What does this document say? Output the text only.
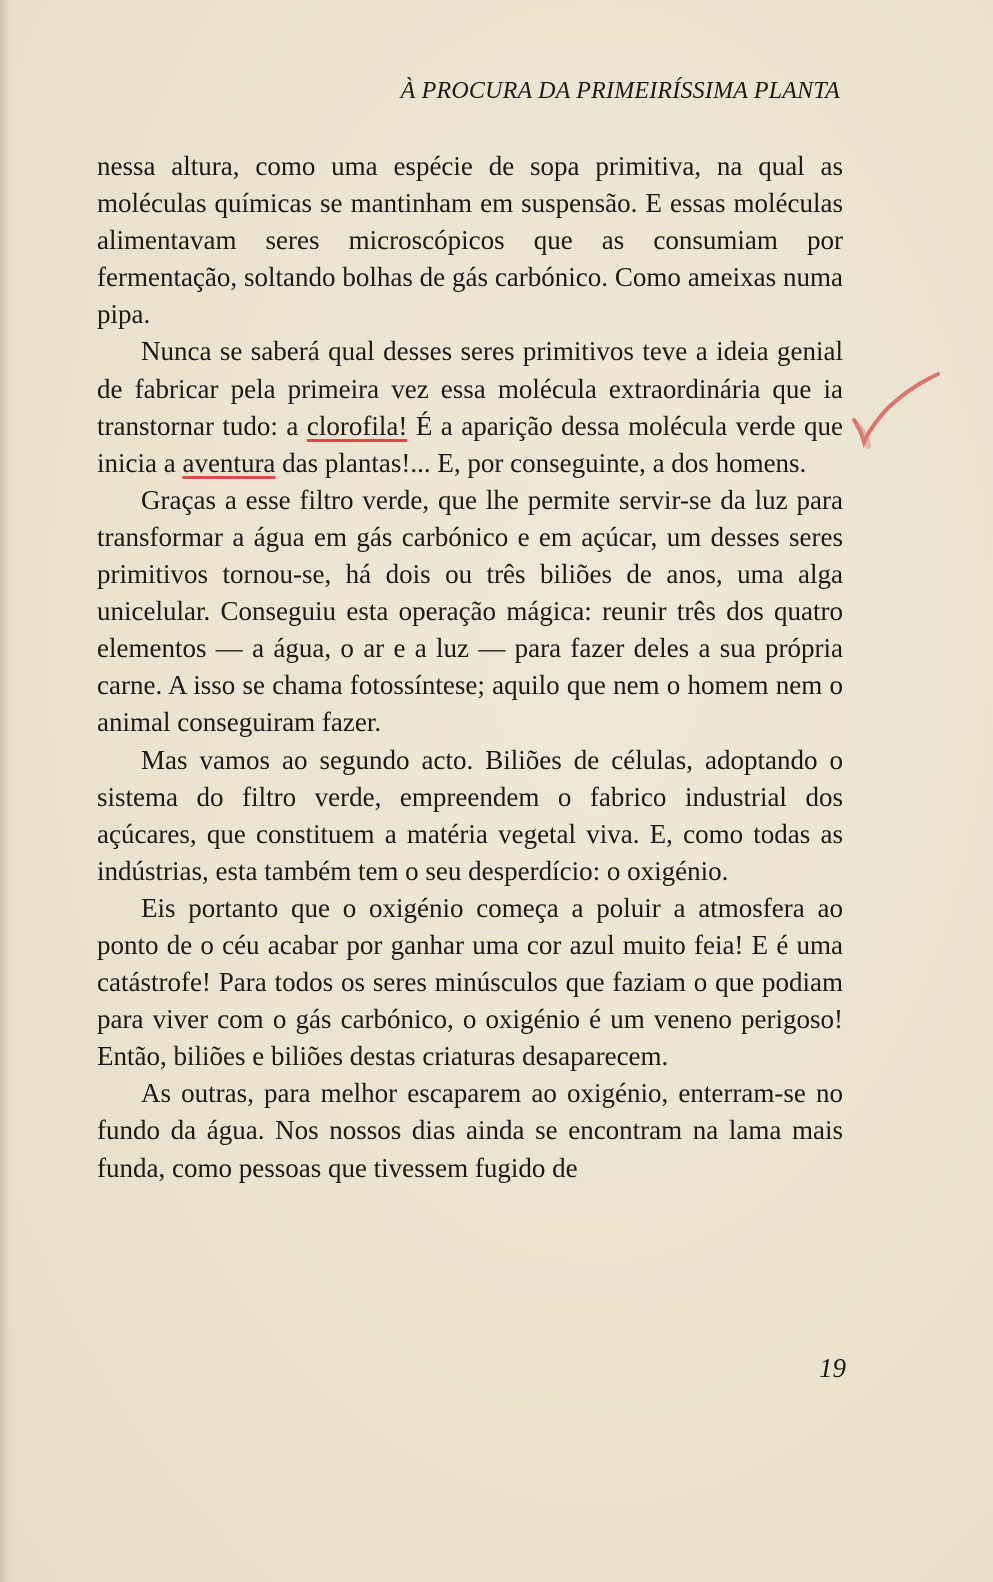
À PROCURA DA PRIMEIRÍSSIMA PLANTA

nessa altura, como uma espécie de sopa primitiva, na qual as moléculas químicas se mantinham em suspensão. E essas moléculas alimentavam seres microscópicos que as consumiam por fermentação, soltando bolhas de gás carbónico. Como ameixas numa pipa.

Nunca se saberá qual desses seres primitivos teve a ideia genial de fabricar pela primeira vez essa molécula extraordinária que ia transtornar tudo: a clorofila! É a aparição dessa molécula verde que inicia a aventura das plantas!... E, por conseguinte, a dos homens.

Graças a esse filtro verde, que lhe permite servir-se da luz para transformar a água em gás carbónico e em açúcar, um desses seres primitivos tornou-se, há dois ou três biliões de anos, uma alga unicelular. Conseguiu esta operação mágica: reunir três dos quatro elementos — a água, o ar e a luz — para fazer deles a sua própria carne. A isso se chama fotossíntese; aquilo que nem o homem nem o animal conseguiram fazer.

Mas vamos ao segundo acto. Biliões de células, adoptando o sistema do filtro verde, empreendem o fabrico industrial dos açúcares, que constituem a matéria vegetal viva. E, como todas as indústrias, esta também tem o seu desperdício: o oxigénio.

Eis portanto que o oxigénio começa a poluir a atmosfera ao ponto de o céu acabar por ganhar uma cor azul muito feia! E é uma catástrofe! Para todos os seres minúsculos que faziam o que podiam para viver com o gás carbónico, o oxigénio é um veneno perigoso! Então, biliões e biliões destas criaturas desaparecem.

As outras, para melhor escaparem ao oxigénio, enterram-se no fundo da água. Nos nossos dias ainda se encontram na lama mais funda, como pessoas que tivessem fugido de

19
